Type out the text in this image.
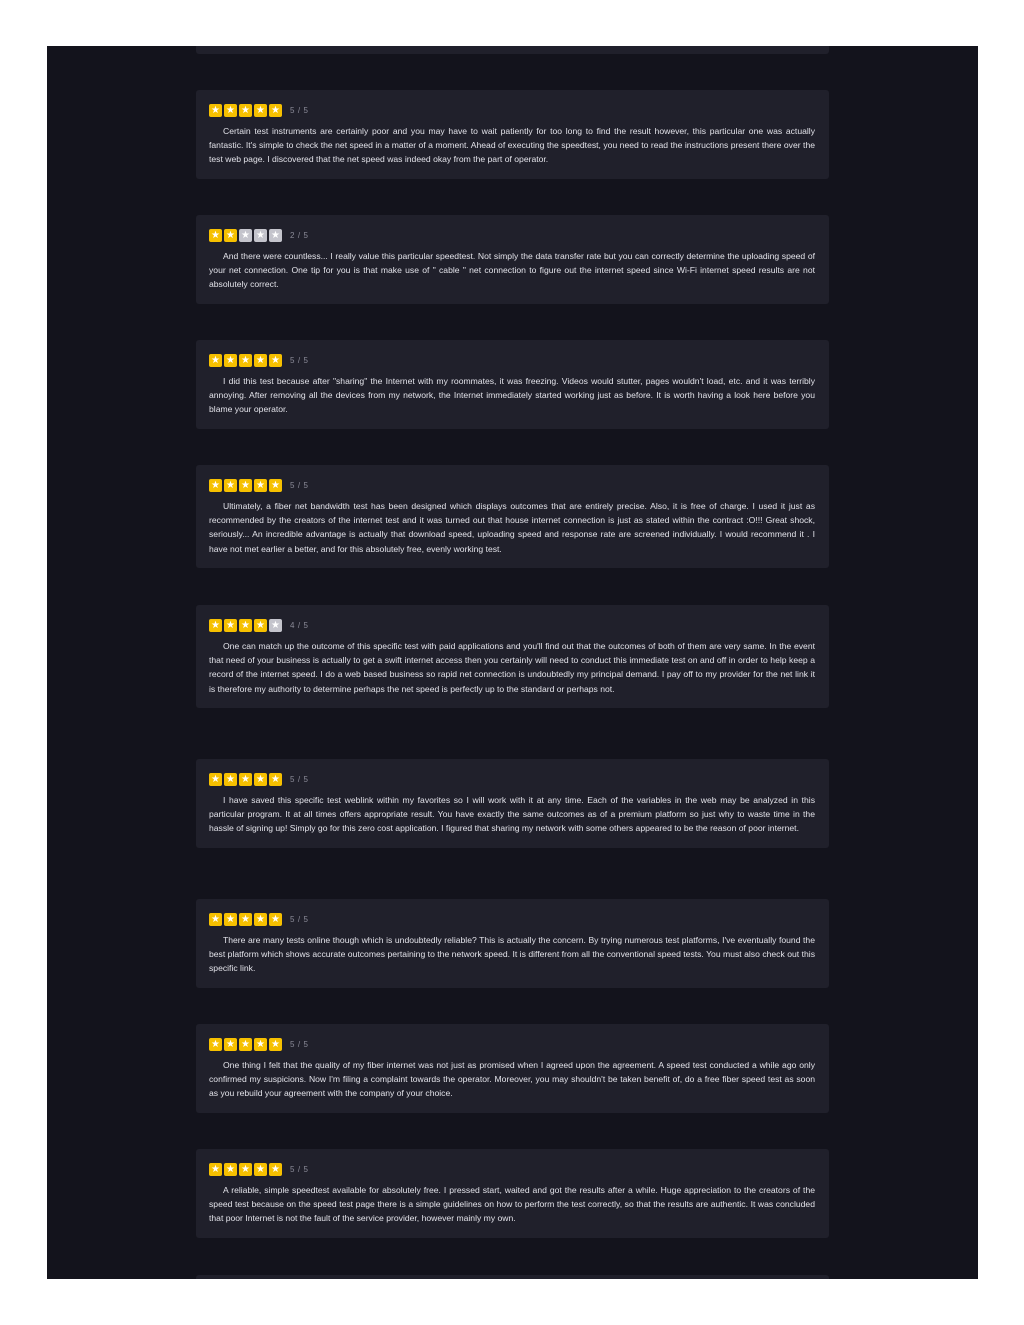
★ ★ ★ ★ ★ 5 / 5

Certain test instruments are certainly poor and you may have to wait patiently for too long to find the result however, this particular one was actually fantastic. It's simple to check the net speed in a matter of a moment. Ahead of executing the speedtest, you need to read the instructions present there over the test web page. I discovered that the net speed was indeed okay from the part of operator.

★ ★ ★ ★ ★ 2 / 5

And there were countless... I really value this particular speedtest. Not simply the data transfer rate but you can correctly determine the uploading speed of your net connection. One tip for you is that make use of " cable " net connection to figure out the internet speed since Wi-Fi internet speed results are not absolutely correct.

★ ★ ★ ★ ★ 5 / 5

I did this test because after "sharing" the Internet with my roommates, it was freezing. Videos would stutter, pages wouldn't load, etc. and it was terribly annoying. After removing all the devices from my network, the Internet immediately started working just as before. It is worth having a look here before you blame your operator.

★ ★ ★ ★ ★ 5 / 5

Ultimately, a fiber net bandwidth test has been designed which displays outcomes that are entirely precise. Also, it is free of charge. I used it just as recommended by the creators of the internet test and it was turned out that house internet connection is just as stated within the contract :O!!! Great shock, seriously... An incredible advantage is actually that download speed, uploading speed and response rate are screened individually. I would recommend it . I have not met earlier a better, and for this absolutely free, evenly working test.

★ ★ ★ ★ ★ 4 / 5

One can match up the outcome of this specific test with paid applications and you'll find out that the outcomes of both of them are very same. In the event that need of your business is actually to get a swift internet access then you certainly will need to conduct this immediate test on and off in order to help keep a record of the internet speed. I do a web based business so rapid net connection is undoubtedly my principal demand. I pay off to my provider for the net link it is therefore my authority to determine perhaps the net speed is perfectly up to the standard or perhaps not.

★ ★ ★ ★ ★ 5 / 5

I have saved this specific test weblink within my favorites so I will work with it at any time. Each of the variables in the web may be analyzed in this particular program. It at all times offers appropriate result. You have exactly the same outcomes as of a premium platform so just why to waste time in the hassle of signing up! Simply go for this zero cost application. I figured that sharing my network with some others appeared to be the reason of poor internet.

★ ★ ★ ★ ★ 5 / 5

There are many tests online though which is undoubtedly reliable? This is actually the concern. By trying numerous test platforms, I've eventually found the best platform which shows accurate outcomes pertaining to the network speed. It is different from all the conventional speed tests. You must also check out this specific link.

★ ★ ★ ★ ★ 5 / 5

One thing I felt that the quality of my fiber internet was not just as promised when I agreed upon the agreement. A speed test conducted a while ago only confirmed my suspicions. Now I'm filing a complaint towards the operator. Moreover, you may shouldn't be taken benefit of, do a free fiber speed test as soon as you rebuild your agreement with the company of your choice.

★ ★ ★ ★ ★ 5 / 5

A reliable, simple speedtest available for absolutely free. I pressed start, waited and got the results after a while. Huge appreciation to the creators of the speed test because on the speed test page there is a simple guidelines on how to perform the test correctly, so that the results are authentic. It was concluded that poor Internet is not the fault of the service provider, however mainly my own.
